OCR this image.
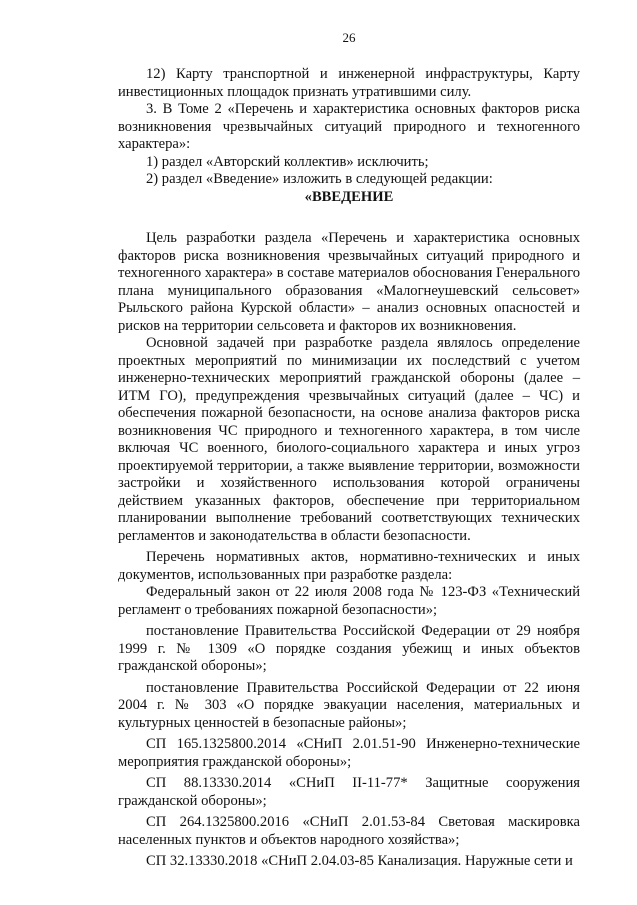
26

12) Карту транспортной и инженерной инфраструктуры, Карту инвестиционных площадок признать утратившими силу.

3. В Томе 2 «Перечень и характеристика основных факторов риска возникновения чрезвычайных ситуаций природного и техногенного характера»:

1) раздел «Авторский коллектив» исключить;

2) раздел «Введение» изложить в следующей редакции:

«ВВЕДЕНИЕ

Цель разработки раздела «Перечень и характеристика основных факторов риска возникновения чрезвычайных ситуаций природного и техногенного характера» в составе материалов обоснования Генерального плана муниципального образования «Малогнеушевский сельсовет» Рыльского района Курской области» – анализ основных опасностей и рисков на территории сельсовета и факторов их возникновения.

Основной задачей при разработке раздела являлось определение проектных мероприятий по минимизации их последствий с учетом инженерно-технических мероприятий гражданской обороны (далее – ИТМ ГО), предупреждения чрезвычайных ситуаций (далее – ЧС) и обеспечения пожарной безопасности, на основе анализа факторов риска возникновения ЧС природного и техногенного характера, в том числе включая ЧС военного, биолого-социального характера и иных угроз проектируемой территории, а также выявление территории, возможности застройки и хозяйственного использования которой ограничены действием указанных факторов, обеспечение при территориальном планировании выполнение требований соответствующих технических регламентов и законодательства в области безопасности.

Перечень нормативных актов, нормативно-технических и иных документов, использованных при разработке раздела:

Федеральный закон от 22 июля 2008 года № 123-ФЗ «Технический регламент о требованиях пожарной безопасности»;

постановление Правительства Российской Федерации от 29 ноября 1999 г. № 1309 «О порядке создания убежищ и иных объектов гражданской обороны»;

постановление Правительства Российской Федерации от 22 июня 2004 г. № 303 «О порядке эвакуации населения, материальных и культурных ценностей в безопасные районы»;

СП 165.1325800.2014 «СНиП 2.01.51-90 Инженерно-технические мероприятия гражданской обороны»;

СП 88.13330.2014 «СНиП II-11-77* Защитные сооружения гражданской обороны»;

СП 264.1325800.2016 «СНиП 2.01.53-84 Световая маскировка населенных пунктов и объектов народного хозяйства»;

СП 32.13330.2018 «СНиП 2.04.03-85 Канализация. Наружные сети и
